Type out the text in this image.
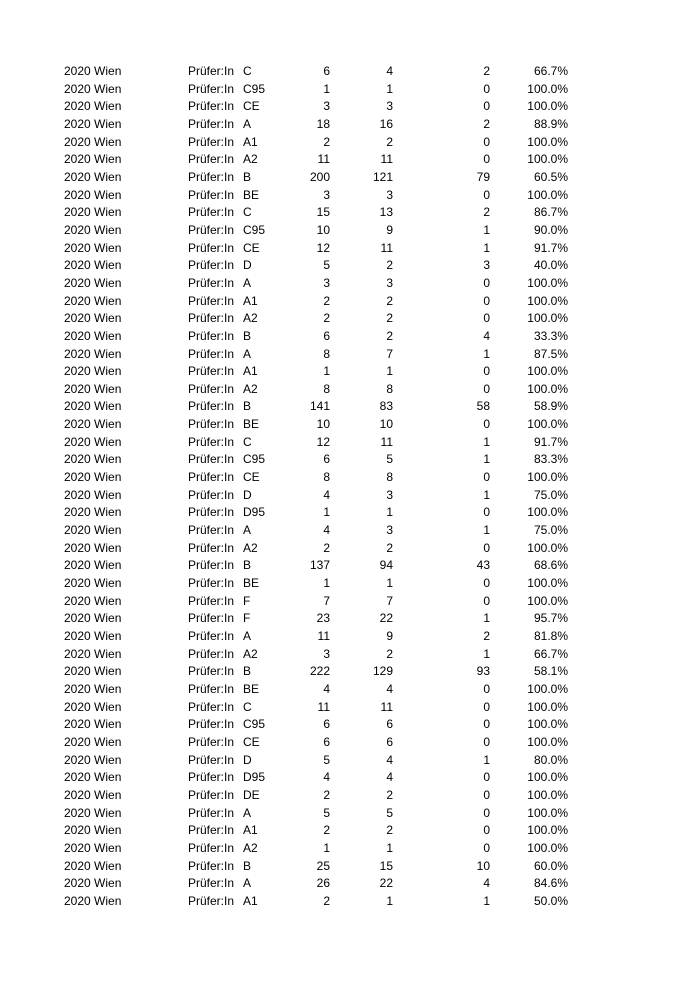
2020 Wien	Prüfer:In C	6	4	2	66.7%
2020 Wien	Prüfer:In C95	1	1	0	100.0%
2020 Wien	Prüfer:In CE	3	3	0	100.0%
2020 Wien	Prüfer:In A	18	16	2	88.9%
2020 Wien	Prüfer:In A1	2	2	0	100.0%
2020 Wien	Prüfer:In A2	11	11	0	100.0%
2020 Wien	Prüfer:In B	200	121	79	60.5%
2020 Wien	Prüfer:In BE	3	3	0	100.0%
2020 Wien	Prüfer:In C	15	13	2	86.7%
2020 Wien	Prüfer:In C95	10	9	1	90.0%
2020 Wien	Prüfer:In CE	12	11	1	91.7%
2020 Wien	Prüfer:In D	5	2	3	40.0%
2020 Wien	Prüfer:In A	3	3	0	100.0%
2020 Wien	Prüfer:In A1	2	2	0	100.0%
2020 Wien	Prüfer:In A2	2	2	0	100.0%
2020 Wien	Prüfer:In B	6	2	4	33.3%
2020 Wien	Prüfer:In A	8	7	1	87.5%
2020 Wien	Prüfer:In A1	1	1	0	100.0%
2020 Wien	Prüfer:In A2	8	8	0	100.0%
2020 Wien	Prüfer:In B	141	83	58	58.9%
2020 Wien	Prüfer:In BE	10	10	0	100.0%
2020 Wien	Prüfer:In C	12	11	1	91.7%
2020 Wien	Prüfer:In C95	6	5	1	83.3%
2020 Wien	Prüfer:In CE	8	8	0	100.0%
2020 Wien	Prüfer:In D	4	3	1	75.0%
2020 Wien	Prüfer:In D95	1	1	0	100.0%
2020 Wien	Prüfer:In A	4	3	1	75.0%
2020 Wien	Prüfer:In A2	2	2	0	100.0%
2020 Wien	Prüfer:In B	137	94	43	68.6%
2020 Wien	Prüfer:In BE	1	1	0	100.0%
2020 Wien	Prüfer:In F	7	7	0	100.0%
2020 Wien	Prüfer:In F	23	22	1	95.7%
2020 Wien	Prüfer:In A	11	9	2	81.8%
2020 Wien	Prüfer:In A2	3	2	1	66.7%
2020 Wien	Prüfer:In B	222	129	93	58.1%
2020 Wien	Prüfer:In BE	4	4	0	100.0%
2020 Wien	Prüfer:In C	11	11	0	100.0%
2020 Wien	Prüfer:In C95	6	6	0	100.0%
2020 Wien	Prüfer:In CE	6	6	0	100.0%
2020 Wien	Prüfer:In D	5	4	1	80.0%
2020 Wien	Prüfer:In D95	4	4	0	100.0%
2020 Wien	Prüfer:In DE	2	2	0	100.0%
2020 Wien	Prüfer:In A	5	5	0	100.0%
2020 Wien	Prüfer:In A1	2	2	0	100.0%
2020 Wien	Prüfer:In A2	1	1	0	100.0%
2020 Wien	Prüfer:In B	25	15	10	60.0%
2020 Wien	Prüfer:In A	26	22	4	84.6%
2020 Wien	Prüfer:In A1	2	1	1	50.0%
